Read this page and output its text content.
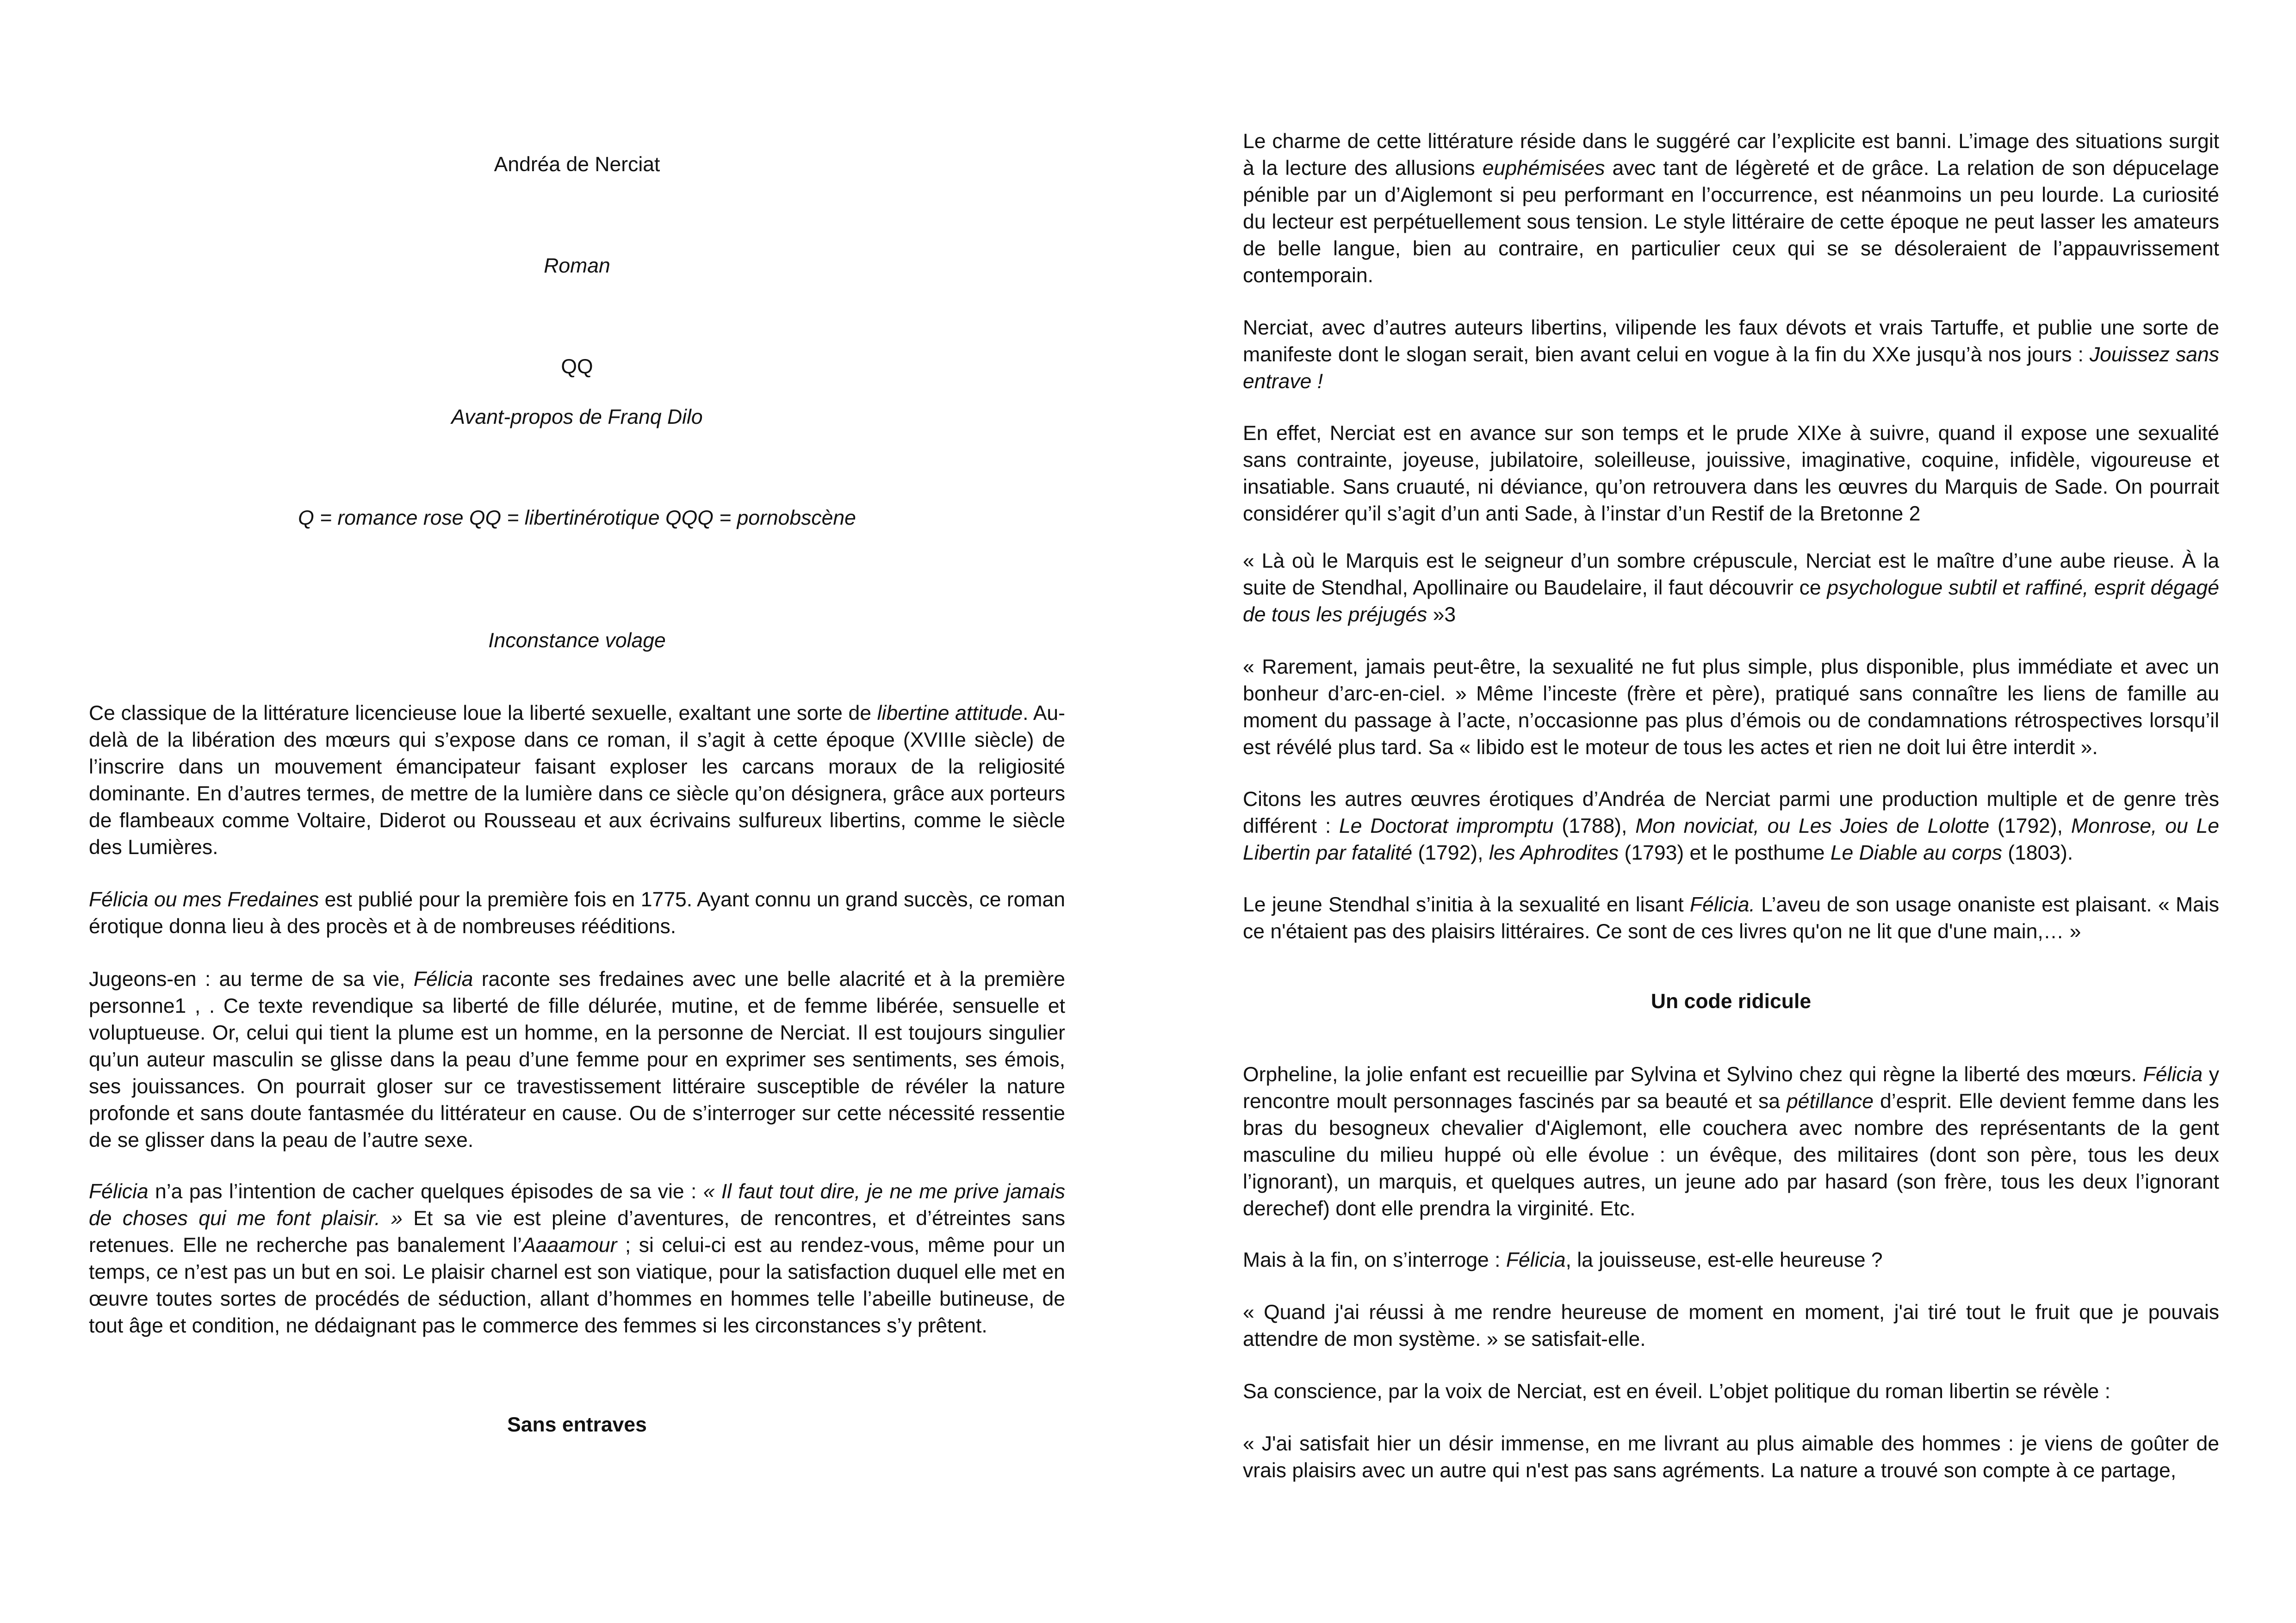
Andréa de Nerciat
Roman
QQ
Avant-propos de Franq Dilo
Q = romance rose QQ = libertinérotique QQQ = pornobscène
Inconstance volage

Ce classique de la littérature licencieuse loue la liberté sexuelle, exaltant une sorte de libertine attitude. Au-delà de la libération des mœurs qui s’expose dans ce roman, il s’agit à cette époque (XVIIIe siècle) de l’inscrire dans un mouvement émancipateur faisant exploser les carcans moraux de la religiosité dominante. En d’autres termes, de mettre de la lumière dans ce siècle qu’on désignera, grâce aux porteurs de flambeaux comme Voltaire, Diderot ou Rousseau et aux écrivains sulfureux libertins, comme le siècle des Lumières.

Félicia ou mes Fredaines est publié pour la première fois en 1775. Ayant connu un grand succès, ce roman érotique donna lieu à des procès et à de nombreuses rééditions.

Jugeons-en : au terme de sa vie, Félicia raconte ses fredaines avec une belle alacrité et à la première personne1 , . Ce texte revendique sa liberté de fille délurée, mutine, et de femme libérée, sensuelle et voluptueuse. Or, celui qui tient la plume est un homme, en la personne de Nerciat. Il est toujours singulier qu’un auteur masculin se glisse dans la peau d’une femme pour en exprimer ses sentiments, ses émois, ses jouissances. On pourrait gloser sur ce travestissement littéraire susceptible de révéler la nature profonde et sans doute fantasmée du littérateur en cause. Ou de s’interroger sur cette nécessité ressentie de se glisser dans la peau de l’autre sexe.

Félicia n’a pas l’intention de cacher quelques épisodes de sa vie : « Il faut tout dire, je ne me prive jamais de choses qui me font plaisir. » Et sa vie est pleine d’aventures, de rencontres, et d’étreintes sans retenues. Elle ne recherche pas banalement l’Aaaamour ; si celui-ci est au rendez-vous, même pour un temps, ce n’est pas un but en soi. Le plaisir charnel est son viatique, pour la satisfaction duquel elle met en œuvre toutes sortes de procédés de séduction, allant d’hommes en hommes telle l’abeille butineuse, de tout âge et condition, ne dédaignant pas le commerce des femmes si les circonstances s’y prêtent.

Sans entraves

Le charme de cette littérature réside dans le suggéré car l’explicite est banni. L’image des situations surgit à la lecture des allusions euphémisées avec tant de légèreté et de grâce. La relation de son dépucelage pénible par un d’Aiglemont si peu performant en l’occurrence, est néanmoins un peu lourde. La curiosité du lecteur est perpétuellement sous tension. Le style littéraire de cette époque ne peut lasser les amateurs de belle langue, bien au contraire, en particulier ceux qui se se désoleraient de l’appauvrissement contemporain.

Nerciat, avec d’autres auteurs libertins, vilipende les faux dévots et vrais Tartuffe, et publie une sorte de manifeste dont le slogan serait, bien avant celui en vogue à la fin du XXe jusqu’à nos jours : Jouissez sans entrave !

En effet, Nerciat est en avance sur son temps et le prude XIXe à suivre, quand il expose une sexualité sans contrainte, joyeuse, jubilatoire, soleilleuse, jouissive, imaginative, coquine, infidèle, vigoureuse et insatiable. Sans cruauté, ni déviance, qu’on retrouvera dans les œuvres du Marquis de Sade. On pourrait considérer qu’il s’agit d’un anti Sade, à l’instar d’un Restif de la Bretonne 2

« Là où le Marquis est le seigneur d’un sombre crépuscule, Nerciat est le maître d’une aube rieuse. À la suite de Stendhal, Apollinaire ou Baudelaire, il faut découvrir ce psychologue subtil et raffiné, esprit dégagé de tous les préjugés »3

« Rarement, jamais peut-être, la sexualité ne fut plus simple, plus disponible, plus immédiate et avec un bonheur d’arc-en-ciel. » Même l’inceste (frère et père), pratiqué sans connaître les liens de famille au moment du passage à l’acte, n’occasionne pas plus d’émois ou de condamnations rétrospectives lorsqu’il est révélé plus tard. Sa « libido est le moteur de tous les actes et rien ne doit lui être interdit ».

Citons les autres œuvres érotiques d’Andréa de Nerciat parmi une production multiple et de genre très différent : Le Doctorat impromptu (1788), Mon noviciat, ou Les Joies de Lolotte (1792), Monrose, ou Le Libertin par fatalité (1792), les Aphrodites (1793) et le posthume Le Diable au corps (1803).

Le jeune Stendhal s’initia à la sexualité en lisant Félicia. L’aveu de son usage onaniste est plaisant. « Mais ce n'étaient pas des plaisirs littéraires. Ce sont de ces livres qu'on ne lit que d'une main,… »

Un code ridicule

Orpheline, la jolie enfant est recueillie par Sylvina et Sylvino chez qui règne la liberté des mœurs. Félicia y rencontre moult personnages fascinés par sa beauté et sa pétillance d’esprit. Elle devient femme dans les bras du besogneux chevalier d'Aiglemont, elle couchera avec nombre des représentants de la gent masculine du milieu huppé où elle évolue : un évêque, des militaires (dont son père, tous les deux l’ignorant), un marquis, et quelques autres, un jeune ado par hasard (son frère, tous les deux l’ignorant derechef) dont elle prendra la virginité. Etc.

Mais à la fin, on s’interroge : Félicia, la jouisseuse, est-elle heureuse ?

« Quand j'ai réussi à me rendre heureuse de moment en moment, j'ai tiré tout le fruit que je pouvais attendre de mon système. » se satisfait-elle.

Sa conscience, par la voix de Nerciat, est en éveil. L’objet politique du roman libertin se révèle :

« J'ai satisfait hier un désir immense, en me livrant au plus aimable des hommes : je viens de goûter de vrais plaisirs avec un autre qui n'est pas sans agréments. La nature a trouvé son compte à ce partage,
